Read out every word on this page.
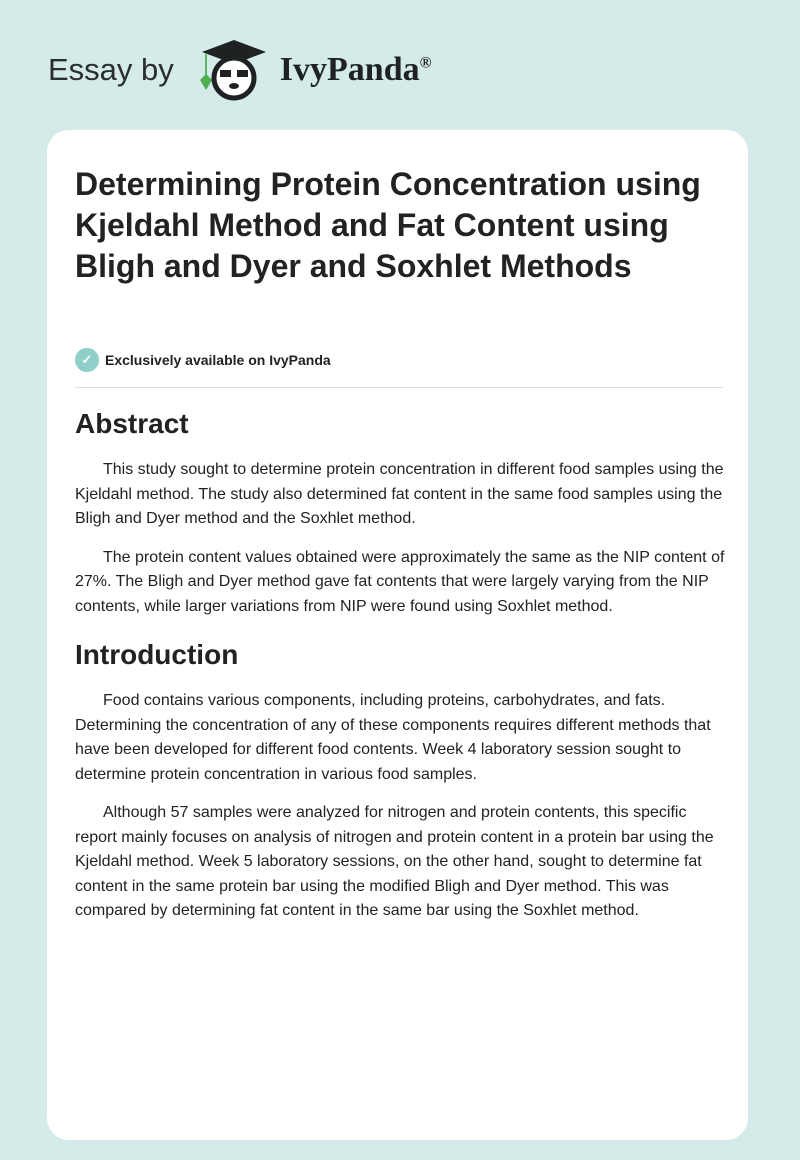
Essay by	IvyPanda®
Determining Protein Concentration using Kjeldahl Method and Fat Content using Bligh and Dyer and Soxhlet Methods
✓ Exclusively available on IvyPanda
Abstract

This study sought to determine protein concentration in different food samples using the Kjeldahl method. The study also determined fat content in the same food samples using the Bligh and Dyer method and the Soxhlet method.

The protein content values obtained were approximately the same as the NIP content of 27%. The Bligh and Dyer method gave fat contents that were largely varying from the NIP contents, while larger variations from NIP were found using Soxhlet method.

Introduction

Food contains various components, including proteins, carbohydrates, and fats. Determining the concentration of any of these components requires different methods that have been developed for different food contents. Week 4 laboratory session sought to determine protein concentration in various food samples.

Although 57 samples were analyzed for nitrogen and protein contents, this specific report mainly focuses on analysis of nitrogen and protein content in a protein bar using the Kjeldahl method. Week 5 laboratory sessions, on the other hand, sought to determine fat content in the same protein bar using the modified Bligh and Dyer method. This was compared by determining fat content in the same bar using the Soxhlet method.
